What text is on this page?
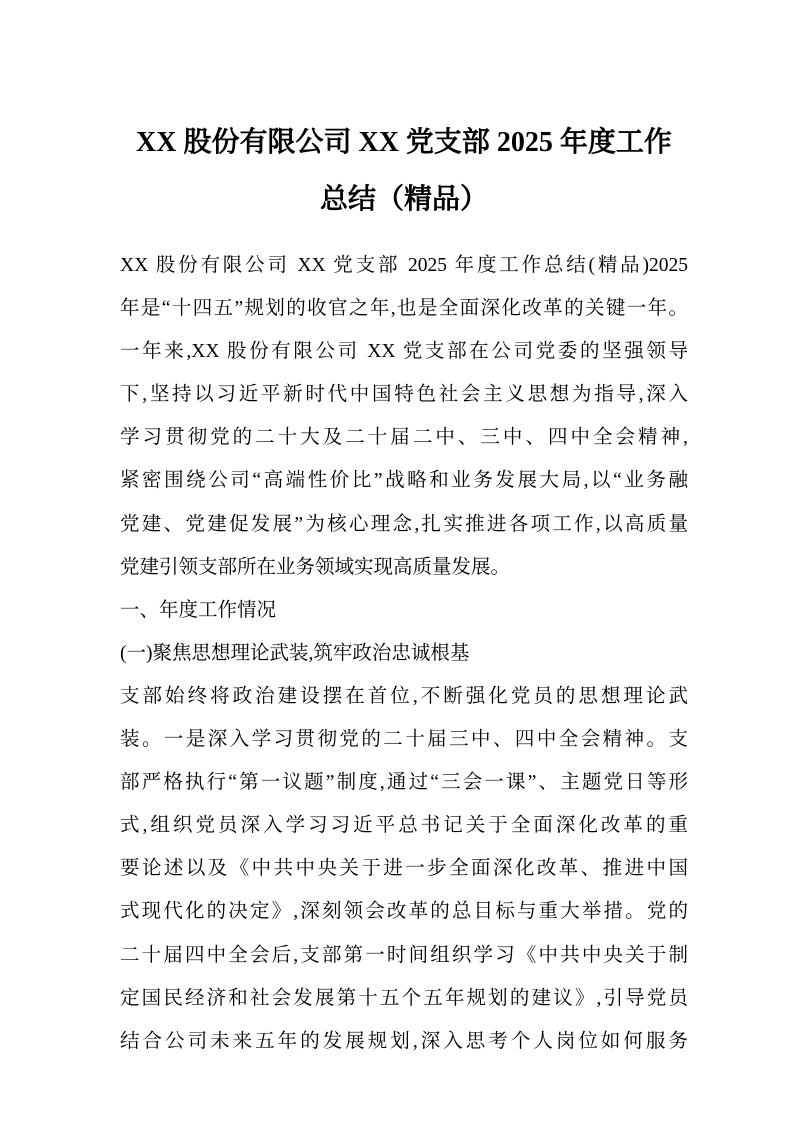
XX 股份有限公司 XX 党支部 2025 年度工作
总结（精品）
XX 股份有限公司 XX 党支部 2025 年度工作总结(精品)2025
年是“十四五”规划的收官之年,也是全面深化改革的关键一年。
一年来,XX 股份有限公司 XX 党支部在公司党委的坚强领导
下,坚持以习近平新时代中国特色社会主义思想为指导,深入
学习贯彻党的二十大及二十届二中、三中、四中全会精神,
紧密围绕公司“高端性价比”战略和业务发展大局,以“业务融
党建、党建促发展”为核心理念,扎实推进各项工作,以高质量
党建引领支部所在业务领域实现高质量发展。
一、年度工作情况
(一)聚焦思想理论武装,筑牢政治忠诚根基
支部始终将政治建设摆在首位,不断强化党员的思想理论武
装。一是深入学习贯彻党的二十届三中、四中全会精神。支
部严格执行“第一议题”制度,通过“三会一课”、主题党日等形
式,组织党员深入学习习近平总书记关于全面深化改革的重
要论述以及《中共中央关于进一步全面深化改革、推进中国
式现代化的决定》,深刻领会改革的总目标与重大举措。党的
二十届四中全会后,支部第一时间组织学习《中共中央关于制
定国民经济和社会发展第十五个五年规划的建议》,引导党员
结合公司未来五年的发展规划,深入思考个人岗位如何服务
